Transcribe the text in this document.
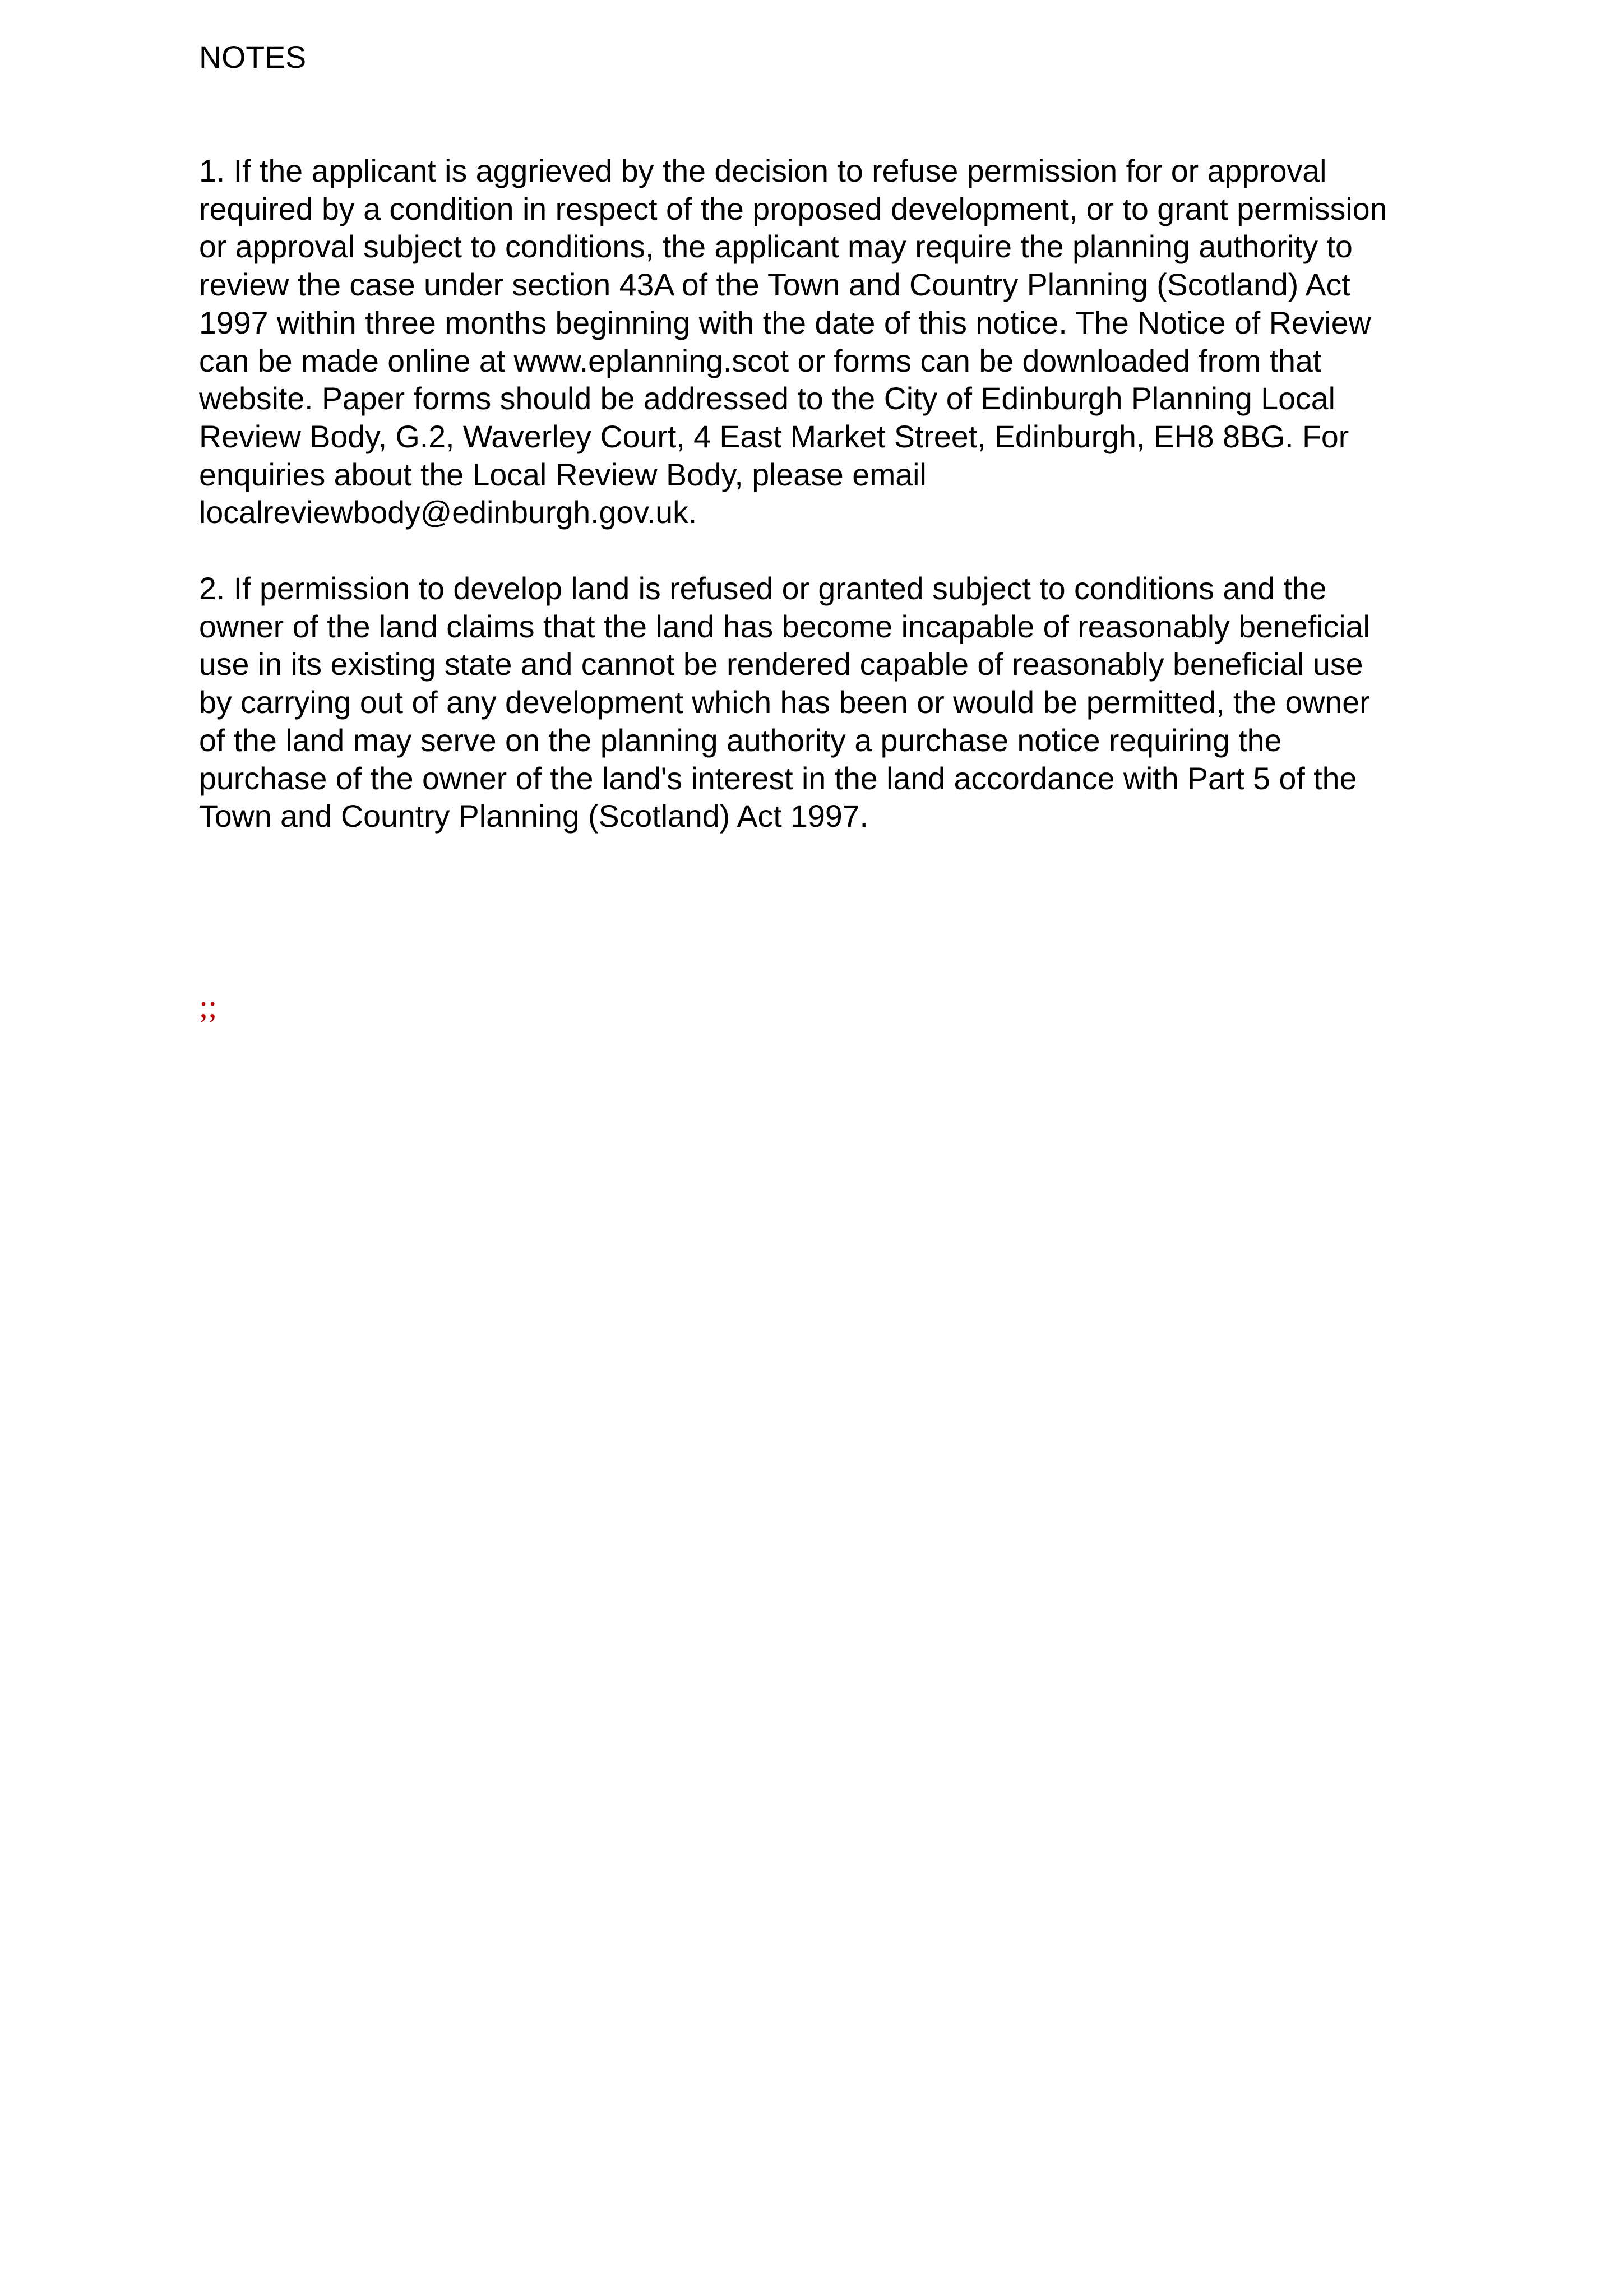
NOTES
1. If the applicant is aggrieved by the decision to refuse permission for or approval
required by a condition in respect of the proposed development, or to grant permission
or approval subject to conditions, the applicant may require the planning authority to
review the case under section 43A of the Town and Country Planning (Scotland) Act
1997 within three months beginning with the date of this notice. The Notice of Review
can be made online at www.eplanning.scot or forms can be downloaded from that
website. Paper forms should be addressed to the City of Edinburgh Planning Local
Review Body, G.2, Waverley Court, 4 East Market Street, Edinburgh, EH8 8BG. For
enquiries about the Local Review Body, please email
localreviewbody@edinburgh.gov.uk.
2. If permission to develop land is refused or granted subject to conditions and the
owner of the land claims that the land has become incapable of reasonably beneficial
use in its existing state and cannot be rendered capable of reasonably beneficial use
by carrying out of any development which has been or would be permitted, the owner
of the land may serve on the planning authority a purchase notice requiring the
purchase of the owner of the land's interest in the land accordance with Part 5 of the
Town and Country Planning (Scotland) Act 1997.
;;
